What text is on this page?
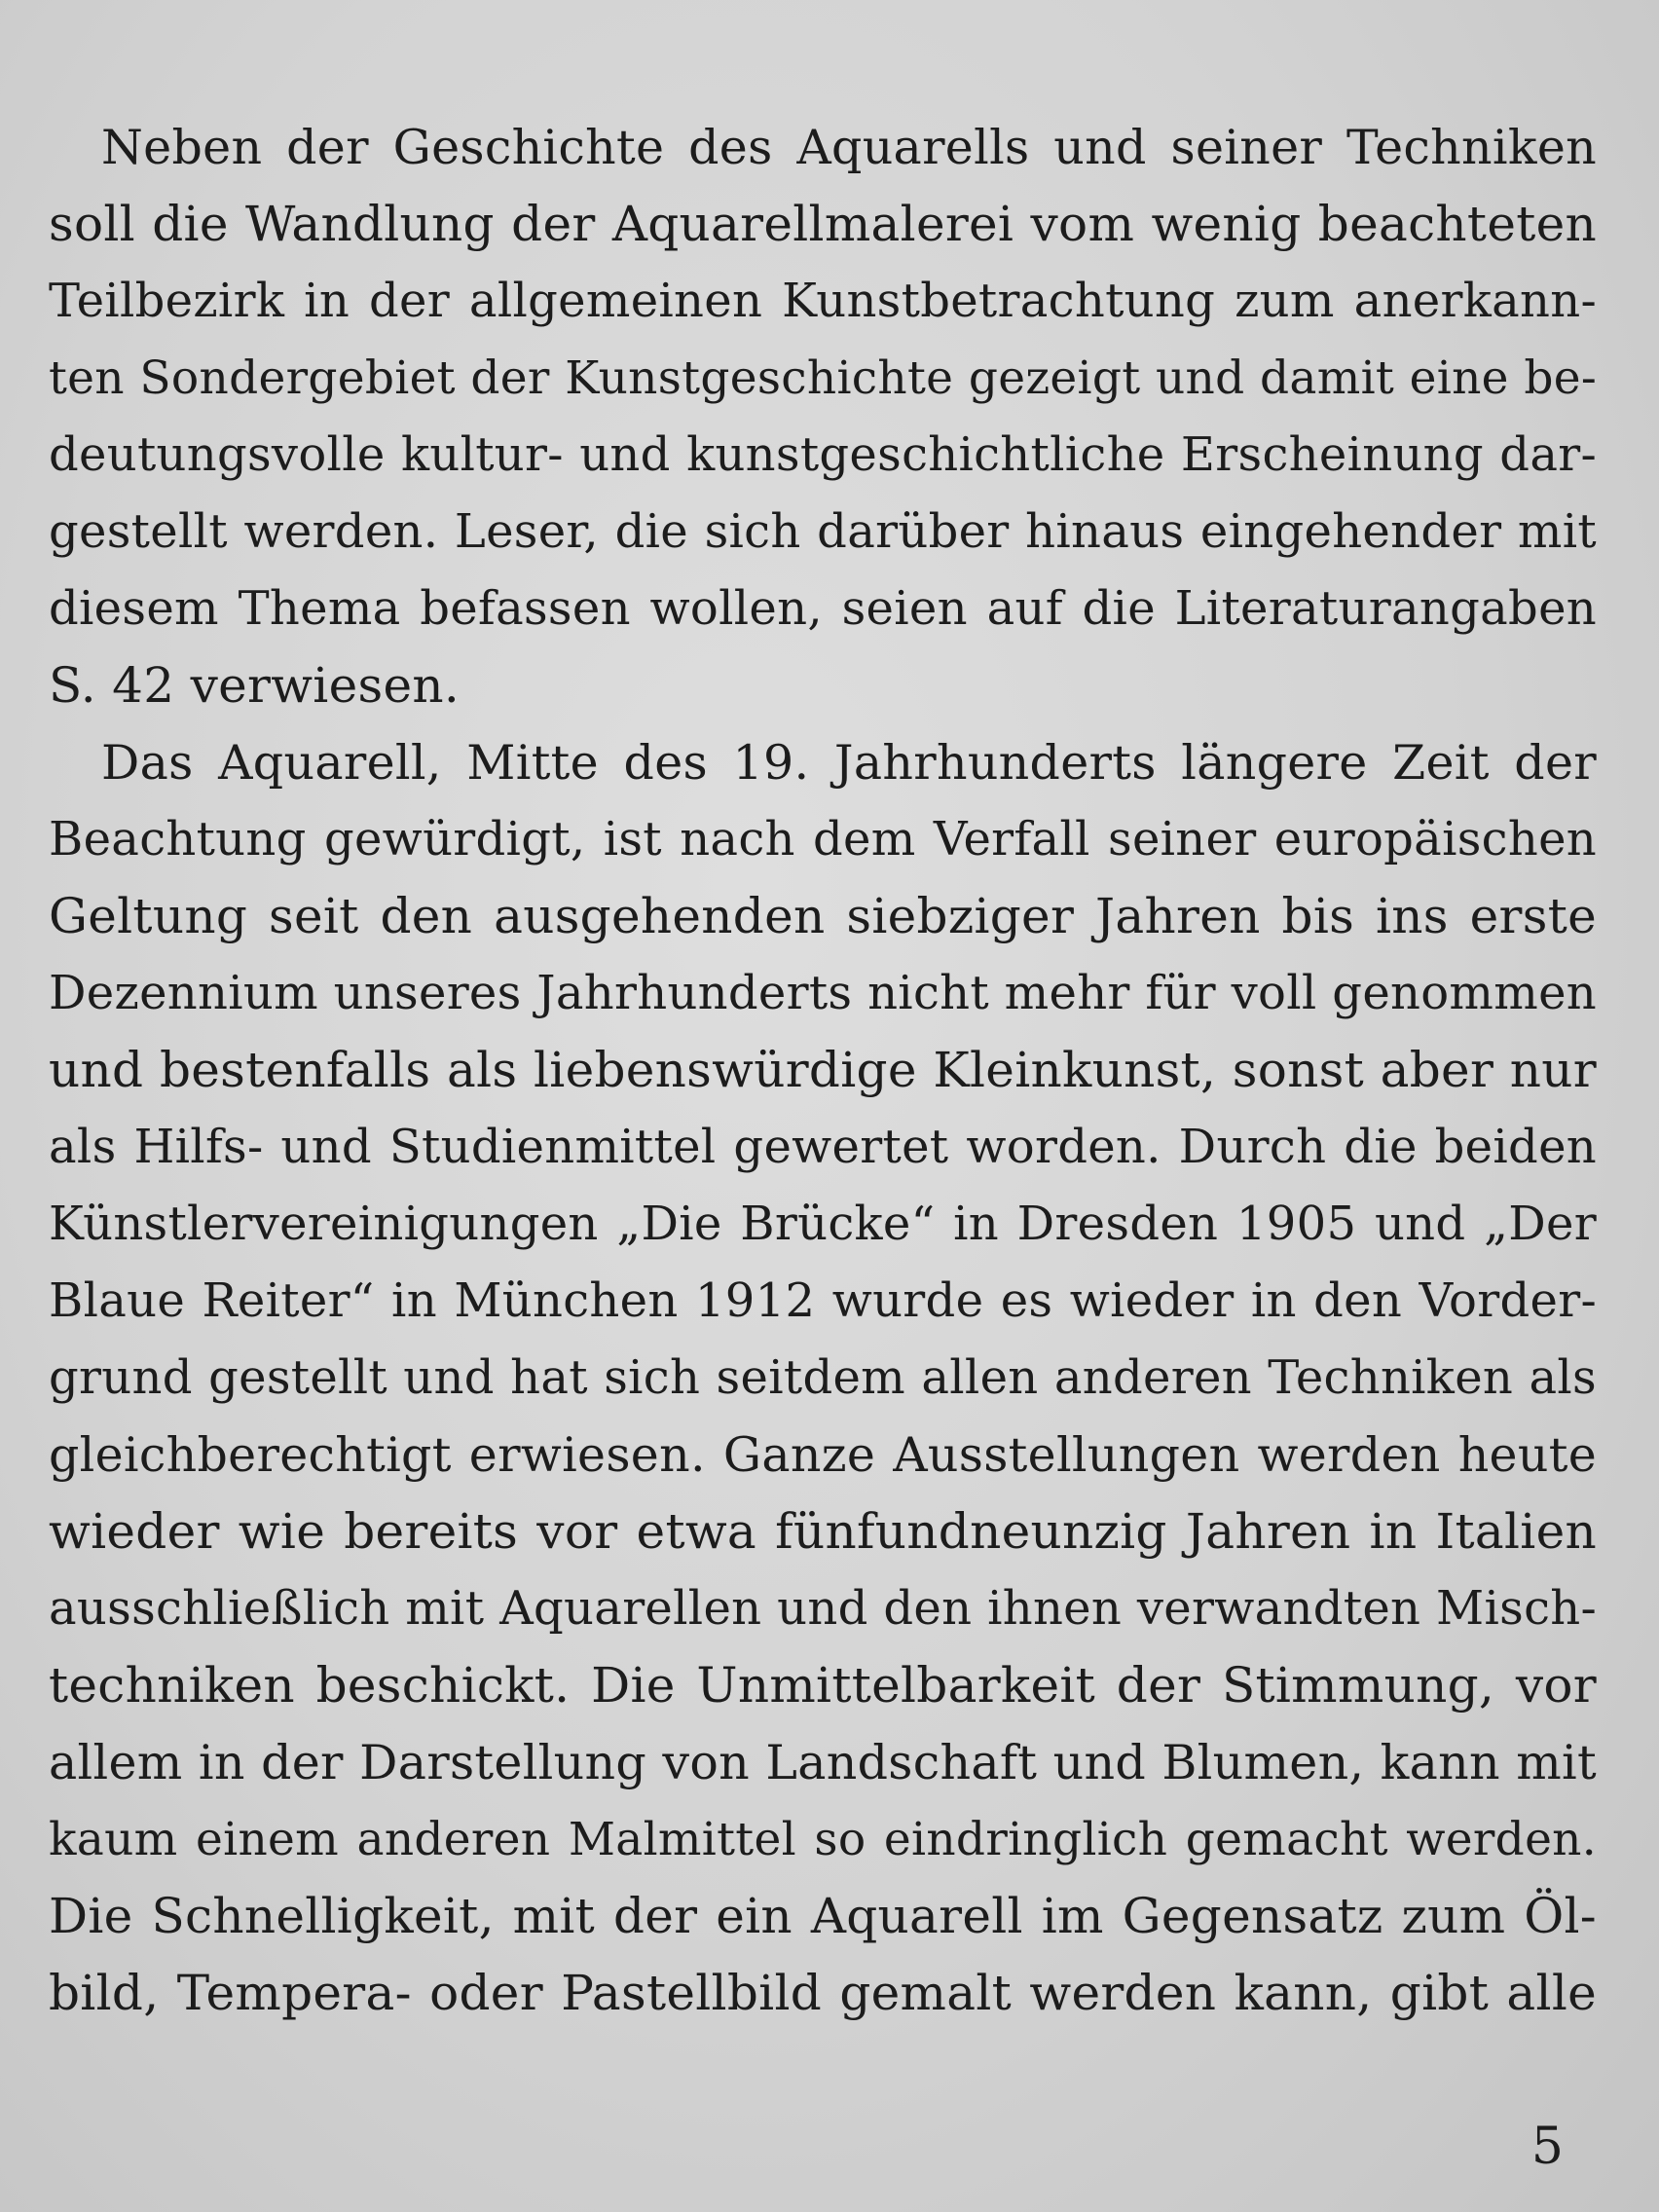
Neben der Geschichte des Aquarells und seiner Techniken
soll die Wandlung der Aquarellmalerei vom wenig beachteten
Teilbezirk in der allgemeinen Kunstbetrachtung zum anerkann-
ten Sondergebiet der Kunstgeschichte gezeigt und damit eine be-
deutungsvolle kultur- und kunstgeschichtliche Erscheinung dar-
gestellt werden. Leser, die sich darüber hinaus eingehender mit
diesem Thema befassen wollen, seien auf die Literaturangaben
S. 42 verwiesen.
Das Aquarell, Mitte des 19. Jahrhunderts längere Zeit der
Beachtung gewürdigt, ist nach dem Verfall seiner europäischen
Geltung seit den ausgehenden siebziger Jahren bis ins erste
Dezennium unseres Jahrhunderts nicht mehr für voll genommen
und bestenfalls als liebenswürdige Kleinkunst, sonst aber nur
als Hilfs- und Studienmittel gewertet worden. Durch die beiden
Künstlervereinigungen „Die Brücke“ in Dresden 1905 und „Der
Blaue Reiter“ in München 1912 wurde es wieder in den Vorder-
grund gestellt und hat sich seitdem allen anderen Techniken als
gleichberechtigt erwiesen. Ganze Ausstellungen werden heute
wieder wie bereits vor etwa fünfundneunzig Jahren in Italien
ausschließlich mit Aquarellen und den ihnen verwandten Misch-
techniken beschickt. Die Unmittelbarkeit der Stimmung, vor
allem in der Darstellung von Landschaft und Blumen, kann mit
kaum einem anderen Malmittel so eindringlich gemacht werden.
Die Schnelligkeit, mit der ein Aquarell im Gegensatz zum Öl-
bild, Tempera- oder Pastellbild gemalt werden kann, gibt alle
5
